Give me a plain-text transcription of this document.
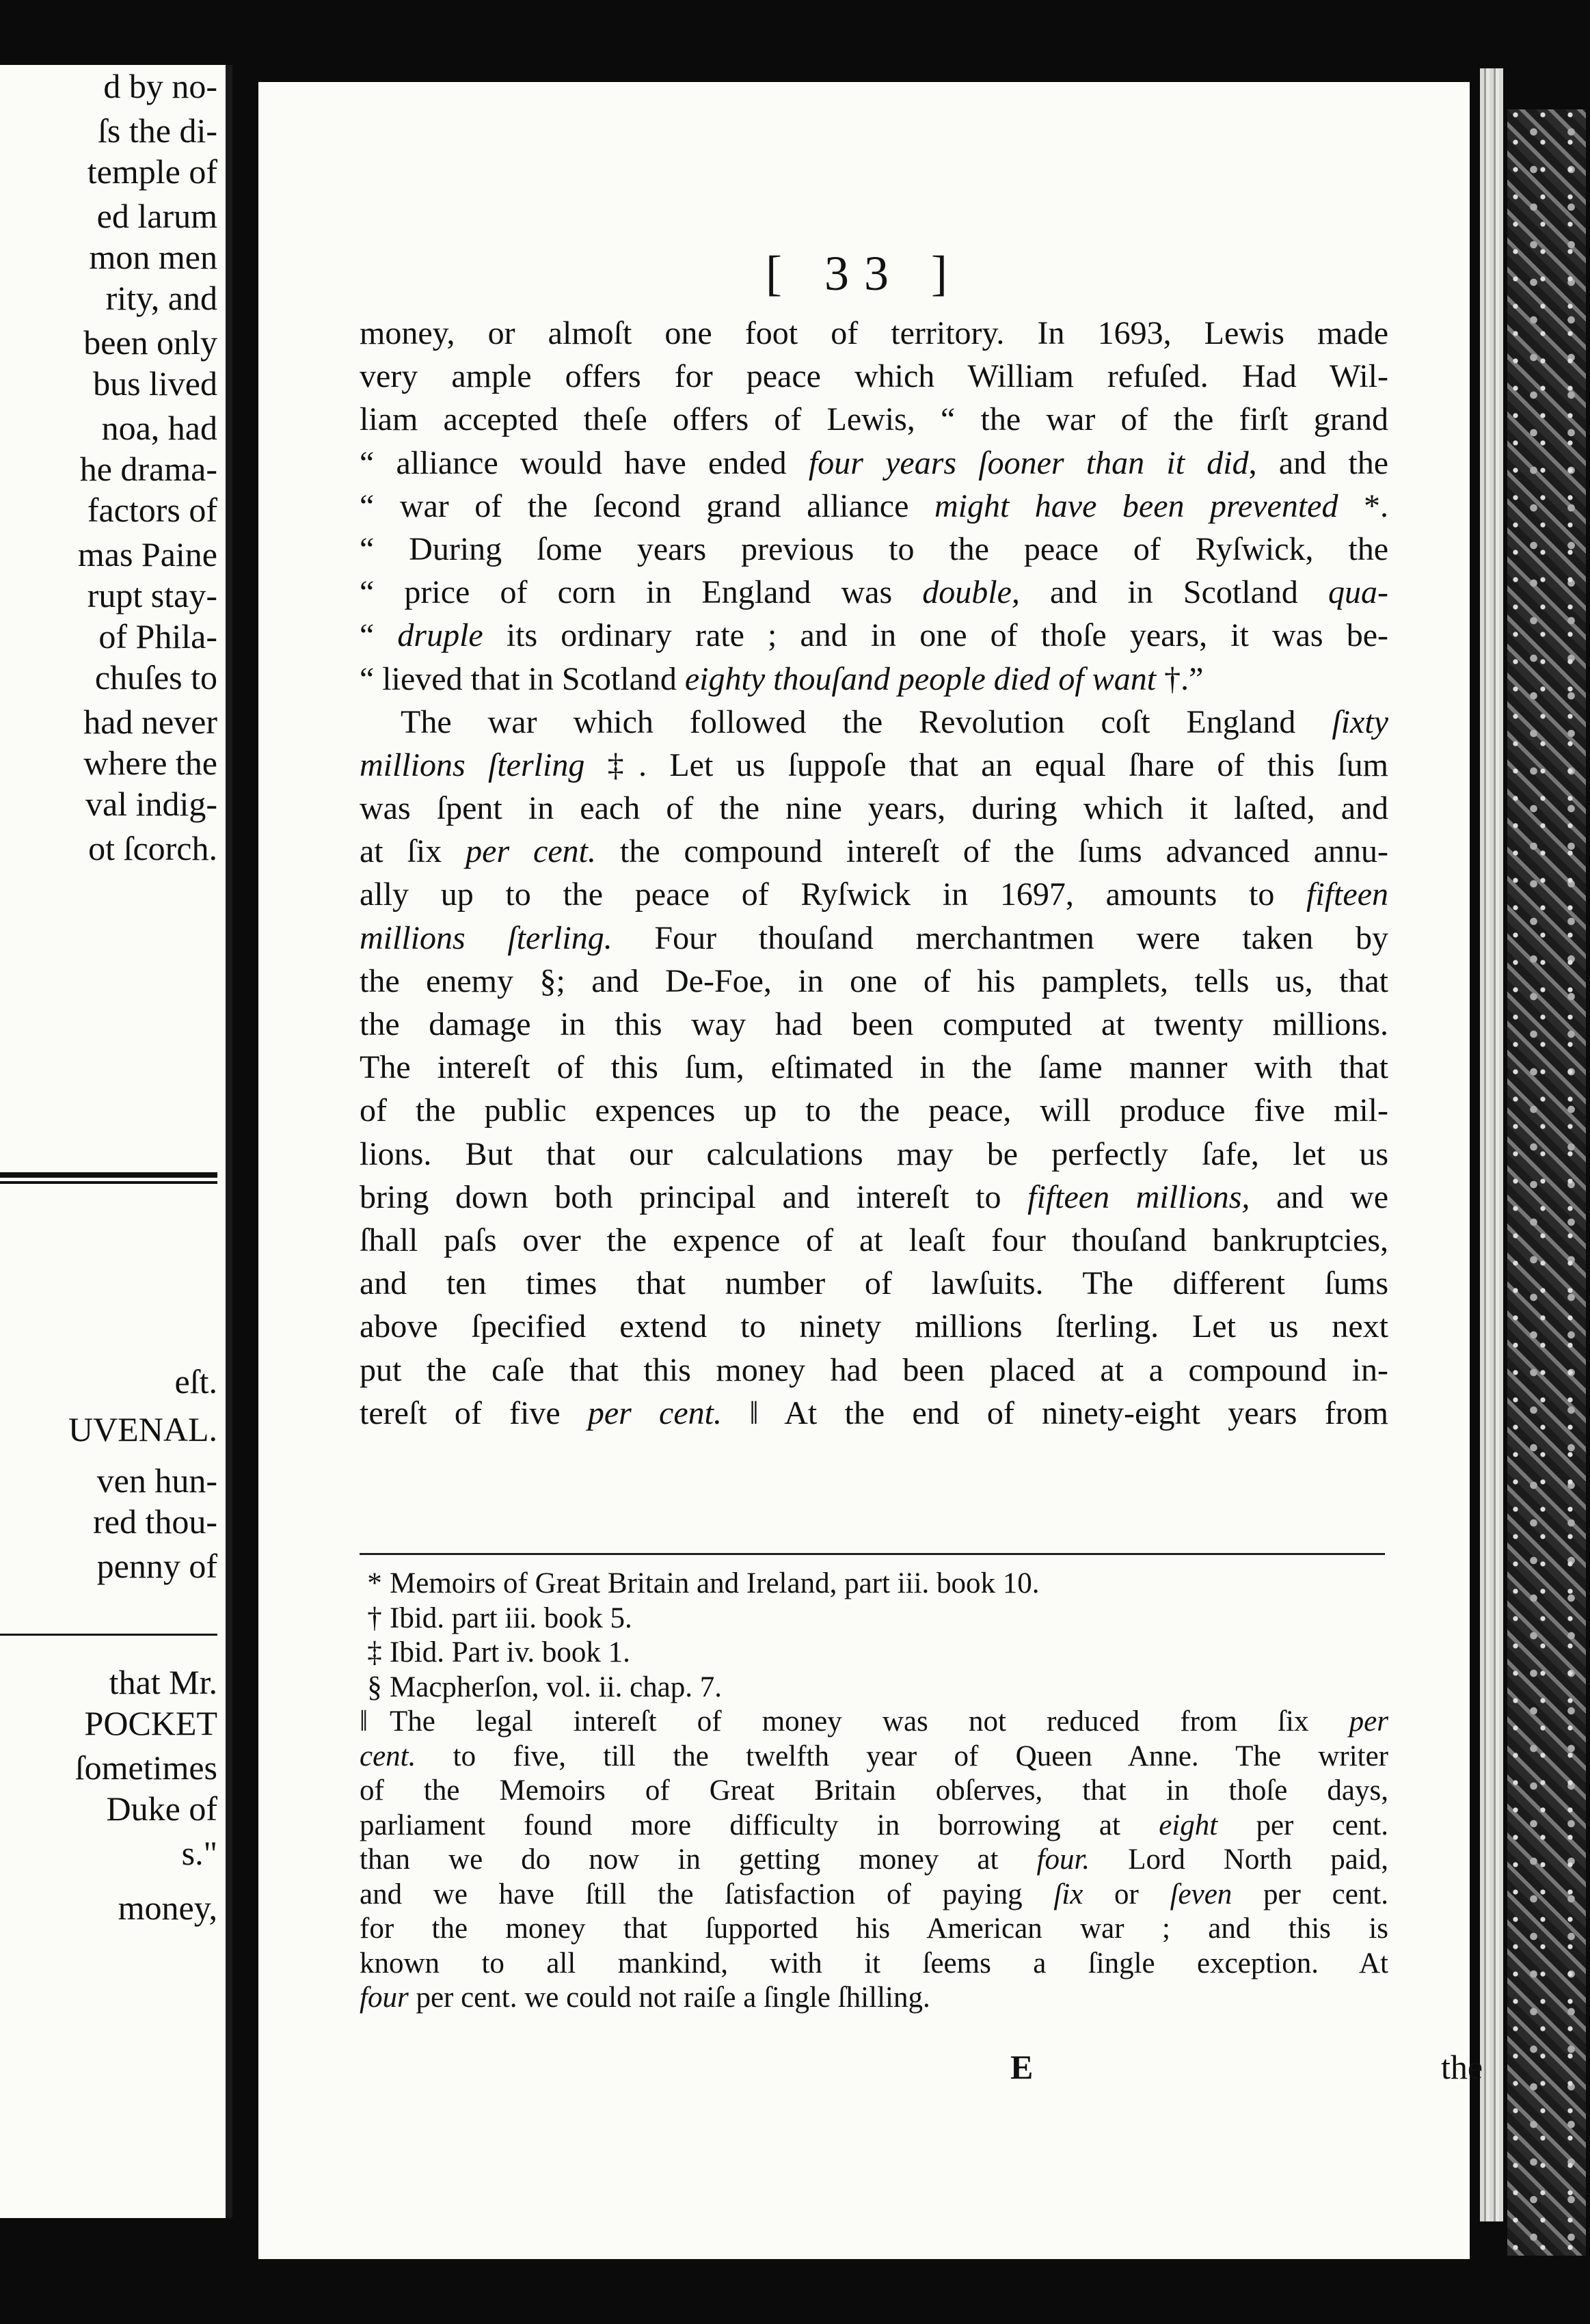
d by no-
ſs the di-
temple of
ed larum
mon men
rity, and
been only
bus lived
noa, had
he drama-
factors of
mas Paine
rupt stay-
of Phila-
chuſes to
had never
where the
val indig-
ot ſcorch.
eſt.
UVENAL.
ven hun-
red thou-
penny of
that Mr.
POCKET
ſometimes
Duke of
s."
money,
[ 33 ]
money, or almoſt one foot of territory. In 1693, Lewis made
very ample offers for peace which William refuſed. Had Wil-
liam accepted theſe offers of Lewis, “ the war of the firſt grand
“ alliance would have ended four years ſooner than it did, and the
“ war of the ſecond grand alliance might have been prevented *.
“ During ſome years previous to the peace of Ryſwick, the
“ price of corn in England was double, and in Scotland qua-
“ druple its ordinary rate ; and in one of thoſe years, it was be-
“ lieved that in Scotland eighty thouſand people died of want †.”
The war which followed the Revolution coſt England ſixty
millions ſterling ‡. Let us ſuppoſe that an equal ſhare of this ſum
was ſpent in each of the nine years, during which it laſted, and
at ſix per cent. the compound intereſt of the ſums advanced annu-
ally up to the peace of Ryſwick in 1697, amounts to fifteen
millions ſterling. Four thouſand merchantmen were taken by
the enemy §; and De-Foe, in one of his pamplets, tells us, that
the damage in this way had been computed at twenty millions.
The intereſt of this ſum, eſtimated in the ſame manner with that
of the public expences up to the peace, will produce five mil-
lions. But that our calculations may be perfectly ſafe, let us
bring down both principal and intereſt to fifteen millions, and we
ſhall paſs over the expence of at leaſt four thouſand bankruptcies,
and ten times that number of lawſuits. The different ſums
above ſpecified extend to ninety millions ſterling. Let us next
put the caſe that this money had been placed at a compound in-
tereſt of five per cent. ‖ At the end of ninety-eight years from
* Memoirs of Great Britain and Ireland, part iii. book 10.
† Ibid. part iii. book 5.
‡ Ibid. Part iv. book 1.
§ Macpherſon, vol. ii. chap. 7.
‖ The legal intereſt of money was not reduced from ſix per
cent. to five, till the twelfth year of Queen Anne. The writer
of the Memoirs of Great Britain obſerves, that in thoſe days,
parliament found more difficulty in borrowing at eight per cent.
than we do now in getting money at four. Lord North paid,
and we have ſtill the ſatisfaction of paying ſix or ſeven per cent.
for the money that ſupported his American war ; and this is
known to all mankind, with it ſeems a ſingle exception. At
four per cent. we could not raiſe a ſingle ſhilling.
E	the
